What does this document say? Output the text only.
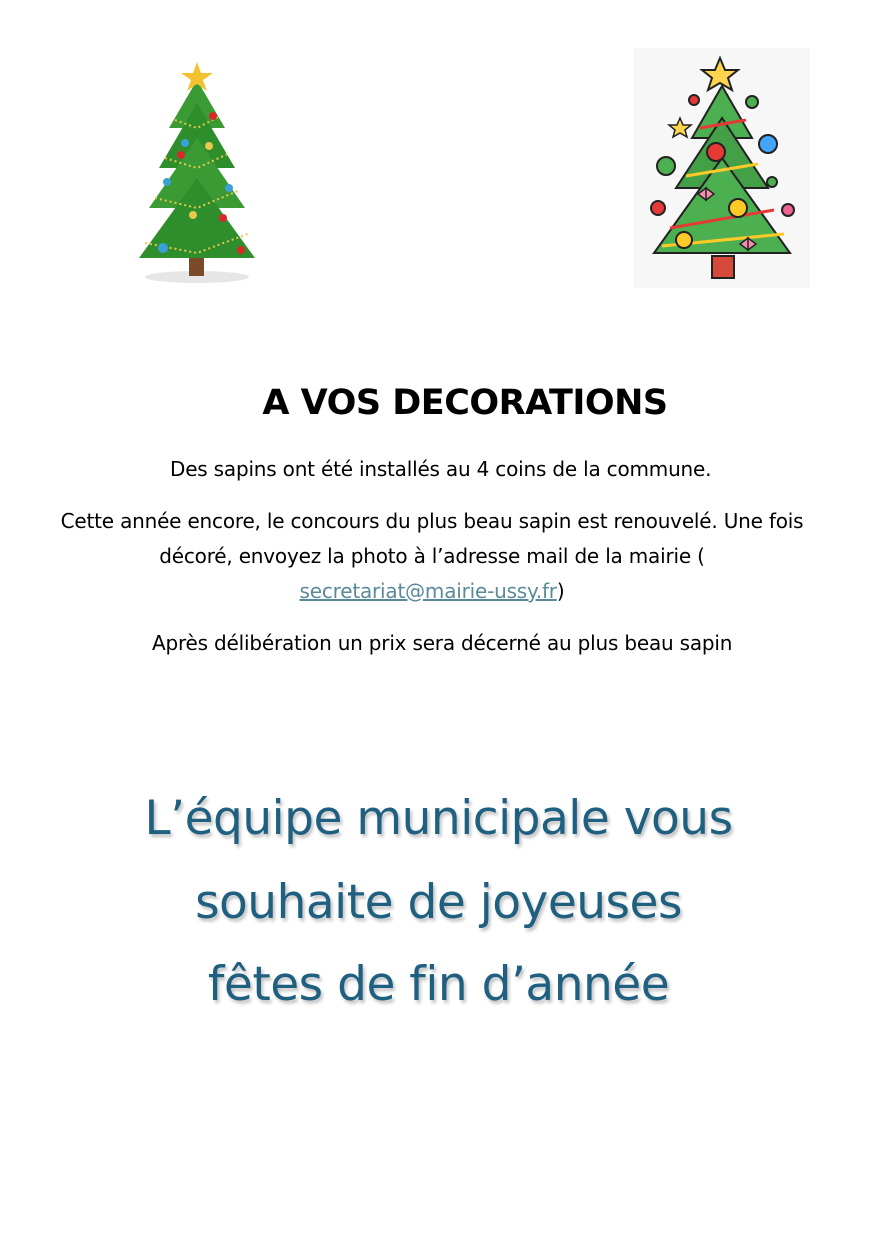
A VOS DECORATIONS

Des sapins ont été installés au 4 coins de la commune.

Cette année encore, le concours du plus beau sapin est renouvelé. Une fois décoré, envoyez la photo à l’adresse mail de la mairie ( secretariat@mairie-ussy.fr)

Après délibération un prix sera décerné au plus beau sapin

L’équipe municipale vous

souhaite de joyeuses

fêtes de fin d’année
